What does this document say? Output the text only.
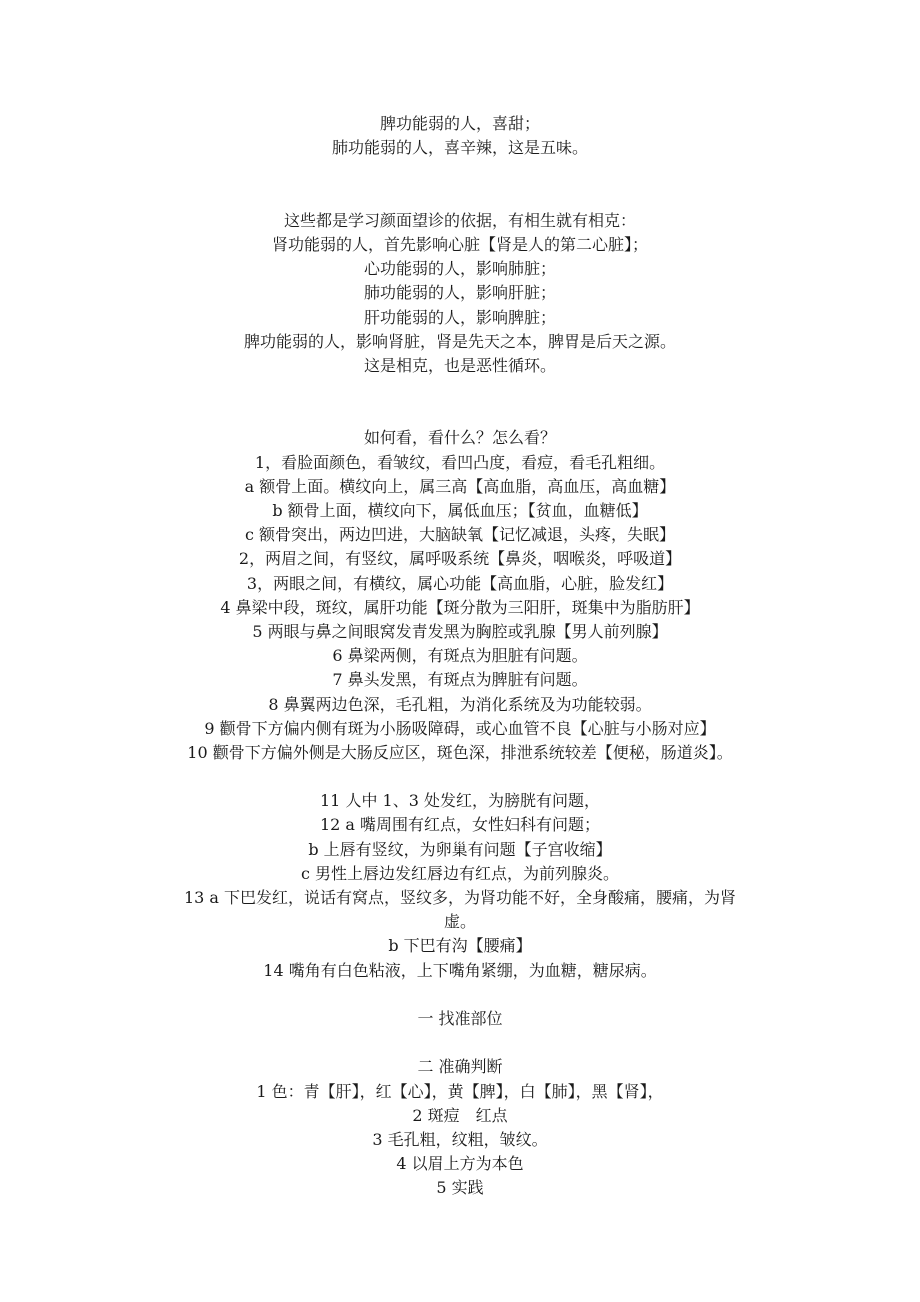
脾功能弱的人，喜甜；
肺功能弱的人，喜辛辣，这是五味。
这些都是学习颜面望诊的依据，有相生就有相克：
肾功能弱的人，首先影响心脏【肾是人的第二心脏】；
心功能弱的人，影响肺脏；
肺功能弱的人，影响肝脏；
肝功能弱的人，影响脾脏；
脾功能弱的人，影响肾脏，肾是先天之本，脾胃是后天之源。
这是相克，也是恶性循环。
如何看，看什么？怎么看？
1，看脸面颜色，看皱纹，看凹凸度，看痘，看毛孔粗细。
a 额骨上面。横纹向上，属三高【高血脂，高血压，高血糖】
b 额骨上面，横纹向下，属低血压；【贫血，血糖低】
c 额骨突出，两边凹进，大脑缺氧【记忆减退，头疼，失眠】
2，两眉之间，有竖纹，属呼吸系统【鼻炎，咽喉炎，呼吸道】
3，两眼之间，有横纹，属心功能【高血脂，心脏，脸发红】
4 鼻梁中段，斑纹，属肝功能【斑分散为三阳肝，斑集中为脂肪肝】
5 两眼与鼻之间眼窝发青发黑为胸腔或乳腺【男人前列腺】
6 鼻梁两侧，有斑点为胆脏有问题。
7 鼻头发黑，有斑点为脾脏有问题。
8 鼻翼两边色深，毛孔粗，为消化系统及为功能较弱。
9 颧骨下方偏内侧有斑为小肠吸障碍，或心血管不良【心脏与小肠对应】
10 颧骨下方偏外侧是大肠反应区，斑色深，排泄系统较差【便秘，肠道炎】。
11 人中 1、3 处发红，为膀胱有问题，
12 a 嘴周围有红点，女性妇科有问题；
b 上唇有竖纹，为卵巢有问题【子宫收缩】
c 男性上唇边发红唇边有红点，为前列腺炎。
13 a 下巴发红，说话有窝点，竖纹多，为肾功能不好，全身酸痛，腰痛，为肾
虚。
b 下巴有沟【腰痛】
14 嘴角有白色粘液，上下嘴角紧绷，为血糖，糖尿病。
一 找准部位
二 准确判断
1 色：青【肝】，红【心】，黄【脾】，白【肺】，黑【肾】，
2 斑痘　红点
3 毛孔粗，纹粗，皱纹。
4 以眉上方为本色
5 实践
